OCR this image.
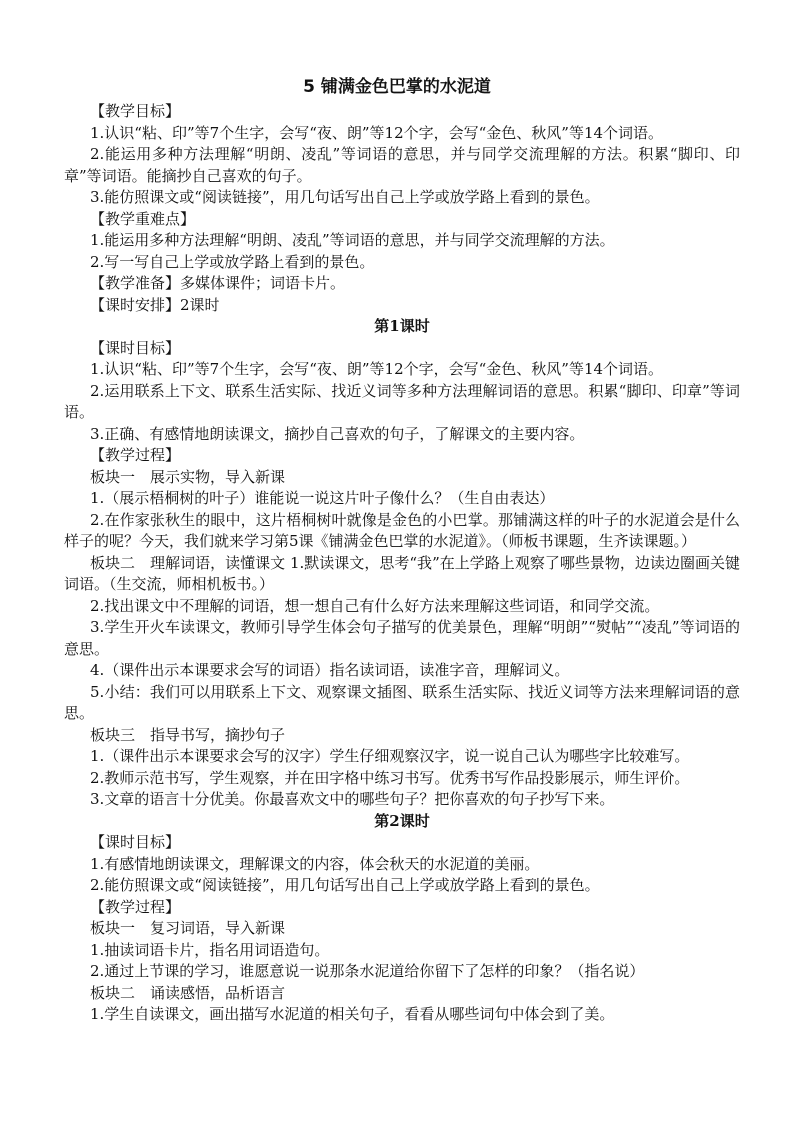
5 铺满金色巴掌的水泥道

【教学目标】

1.认识“粘、印”等7个生字，会写“夜、朗”等12个字，会写“金色、秋风”等14个词语。

2.能运用多种方法理解“明朗、凌乱”等词语的意思，并与同学交流理解的方法。积累“脚印、印章”等词语。能摘抄自己喜欢的句子。

3.能仿照课文或“阅读链接”，用几句话写出自己上学或放学路上看到的景色。

【教学重难点】

1.能运用多种方法理解“明朗、凌乱”等词语的意思，并与同学交流理解的方法。

2.写一写自己上学或放学路上看到的景色。

【教学准备】多媒体课件；词语卡片。

【课时安排】2课时

第1课时

【课时目标】

1.认识“粘、印”等7个生字，会写“夜、朗”等12个字，会写“金色、秋风”等14个词语。

2.运用联系上下文、联系生活实际、找近义词等多种方法理解词语的意思。积累“脚印、印章”等词语。

3.正确、有感情地朗读课文，摘抄自己喜欢的句子，了解课文的主要内容。

【教学过程】

板块一　展示实物，导入新课

1.（展示梧桐树的叶子）谁能说一说这片叶子像什么？（生自由表达）

2.在作家张秋生的眼中，这片梧桐树叶就像是金色的小巴掌。那铺满这样的叶子的水泥道会是什么样子的呢？今天，我们就来学习第5课《铺满金色巴掌的水泥道》。（师板书课题，生齐读课题。）

板块二　理解词语，读懂课文 1.默读课文，思考“我”在上学路上观察了哪些景物，边读边圈画关键词语。（生交流，师相机板书。）

2.找出课文中不理解的词语，想一想自己有什么好方法来理解这些词语，和同学交流。

3.学生开火车读课文，教师引导学生体会句子描写的优美景色，理解“明朗”“熨帖”“凌乱”等词语的意思。

4.（课件出示本课要求会写的词语）指名读词语，读准字音，理解词义。

5.小结：我们可以用联系上下文、观察课文插图、联系生活实际、找近义词等方法来理解词语的意思。

板块三　指导书写，摘抄句子

1.（课件出示本课要求会写的汉字）学生仔细观察汉字，说一说自己认为哪些字比较难写。

2.教师示范书写，学生观察，并在田字格中练习书写。优秀书写作品投影展示，师生评价。

3.文章的语言十分优美。你最喜欢文中的哪些句子？把你喜欢的句子抄写下来。

第2课时

【课时目标】

1.有感情地朗读课文，理解课文的内容，体会秋天的水泥道的美丽。

2.能仿照课文或“阅读链接”，用几句话写出自己上学或放学路上看到的景色。

【教学过程】

板块一　复习词语，导入新课

1.抽读词语卡片，指名用词语造句。

2.通过上节课的学习，谁愿意说一说那条水泥道给你留下了怎样的印象？（指名说）

板块二　诵读感悟，品析语言

1.学生自读课文，画出描写水泥道的相关句子，看看从哪些词句中体会到了美。
